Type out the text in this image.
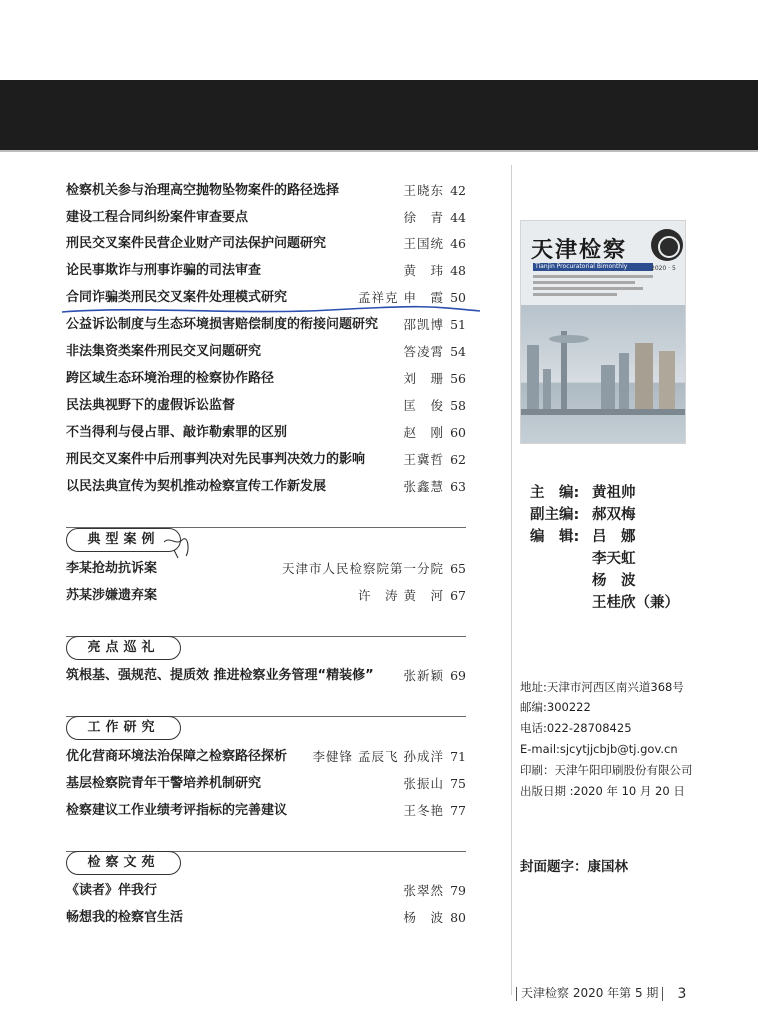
检察机关参与治理高空抛物坠物案件的路径选择	王晓东 42
建设工程合同纠纷案件审查要点	徐　青 44
刑民交叉案件民营企业财产司法保护问题研究	王国统 46
论民事欺诈与刑事诈骗的司法审查	黄　玮 48
合同诈骗类刑民交叉案件处理模式研究	孟祥克 申　霞 50
公益诉讼制度与生态环境损害赔偿制度的衔接问题研究 邵凯博 51
非法集资类案件刑民交叉问题研究	答凌霄 54
跨区域生态环境治理的检察协作路径	刘　珊 56
民法典视野下的虚假诉讼监督	匡　俊 58
不当得利与侵占罪、敲诈勒索罪的区别	赵　刚 60
刑民交叉案件中后刑事判决对先民事判决效力的影响	王冀哲 62
以民法典宣传为契机推动检察宣传工作新发展	张鑫慧 63
典型案例
李某抢劫抗诉案	天津市人民检察院第一分院 65
苏某涉嫌遗弃案	许　涛 黄　河 67
亮点巡礼
筑根基、强规范、提质效 推进检察业务管理“精装修” 张新颖 69
工作研究
优化营商环境法治保障之检察路径探析 李健锋 孟辰飞 孙成洋 71
基层检察院青年干警培养机制研究	张振山 75
检察建议工作业绩考评指标的完善建议	王冬艳 77
检察文苑
《读者》伴我行	张翠然 79
畅想我的检察官生活	杨　波 80
天津检察
Tianjin Procuratorial Bimonthly	2020 · 5
主　编: 黄祖帅
副主编: 郝双梅
编　辑: 吕　娜
李天虹
杨　波
王桂欣（兼）
地址:天津市河西区南兴道368号
邮编:300222
电话:022-28708425
E-mail:sjcytjjcbjb@tj.gov.cn
印刷：天津午阳印刷股份有限公司
出版日期 :2020 年 10 月 20 日
封面题字：康国林
天津检察 2020 年第 5 期 3
